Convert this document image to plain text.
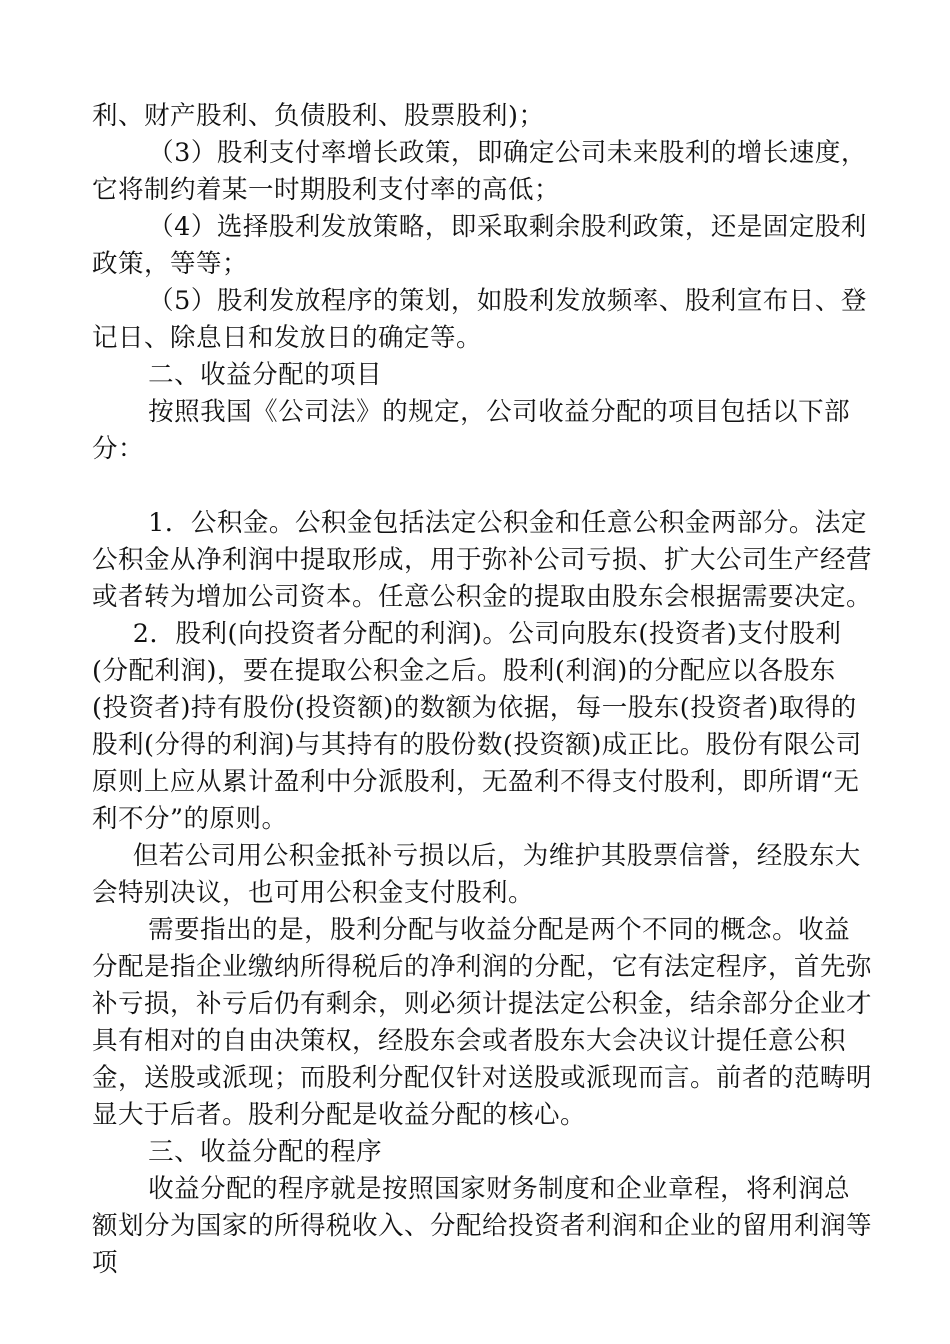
利、财产股利、负债股利、股票股利)；

（3）股利支付率增长政策，即确定公司未来股利的增长速度，它将制约着某一时期股利支付率的高低；

（4）选择股利发放策略，即采取剩余股利政策，还是固定股利政策，等等；

（5）股利发放程序的策划，如股利发放频率、股利宣布日、登记日、除息日和发放日的确定等。

二、收益分配的项目

按照我国《公司法》的规定，公司收益分配的项目包括以下部分：

1．公积金。公积金包括法定公积金和任意公积金两部分。法定公积金从净利润中提取形成，用于弥补公司亏损、扩大公司生产经营或者转为增加公司资本。任意公积金的提取由股东会根据需要决定。

2．股利(向投资者分配的利润)。公司向股东(投资者)支付股利(分配利润)，要在提取公积金之后。股利(利润)的分配应以各股东(投资者)持有股份(投资额)的数额为依据，每一股东(投资者)取得的股利(分得的利润)与其持有的股份数(投资额)成正比。股份有限公司原则上应从累计盈利中分派股利，无盈利不得支付股利，即所谓“无利不分”的原则。

但若公司用公积金抵补亏损以后，为维护其股票信誉，经股东大会特别决议，也可用公积金支付股利。

需要指出的是，股利分配与收益分配是两个不同的概念。收益分配是指企业缴纳所得税后的净利润的分配，它有法定程序，首先弥补亏损，补亏后仍有剩余，则必须计提法定公积金，结余部分企业才具有相对的自由决策权，经股东会或者股东大会决议计提任意公积金，送股或派现；而股利分配仅针对送股或派现而言。前者的范畴明显大于后者。股利分配是收益分配的核心。

三、收益分配的程序

收益分配的程序就是按照国家财务制度和企业章程，将利润总额划分为国家的所得税收入、分配给投资者利润和企业的留用利润等项
